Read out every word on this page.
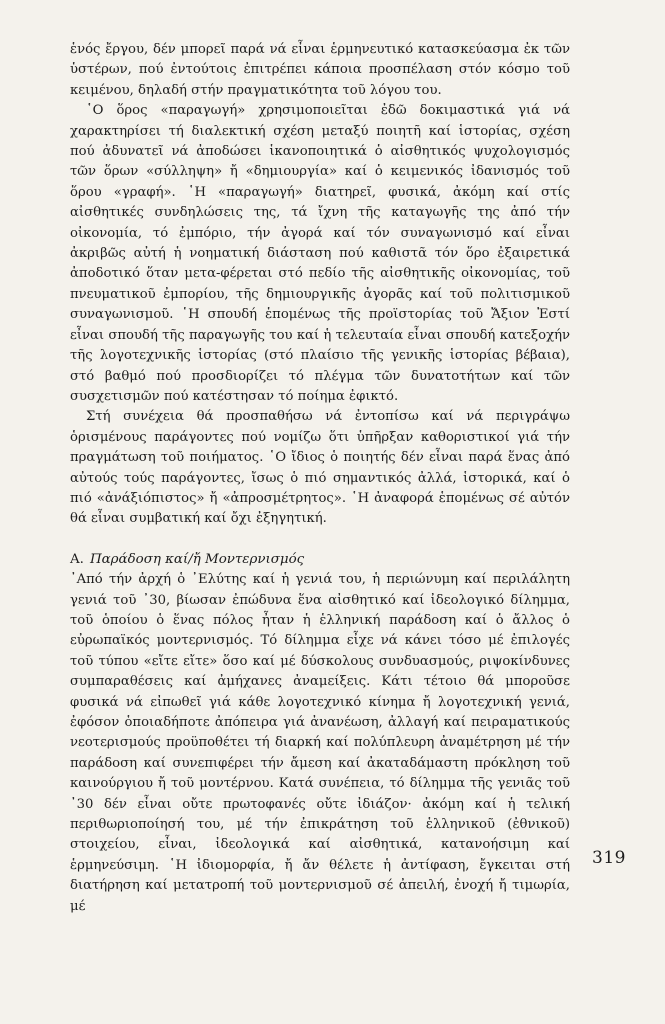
ἑνός ἔργου, δέν μπορεῖ παρά νά εἶναι ἑρμηνευτικό κατασκεύασμα ἐκ τῶν ὑστέρων, πού ἐντούτοις ἐπιτρέπει κάποια προσπέλαση στόν κόσμο τοῦ κειμένου, δηλαδή στήν πραγματικότητα τοῦ λόγου του.

῾Ο ὅρος «παραγωγή» χρησιμοποιεῖται ἐδῶ δοκιμαστικά γιά νά χαρακτηρίσει τή διαλεκτική σχέση μεταξύ ποιητῆ καί ἱστορίας, σχέση πού ἀδυνατεῖ νά ἀποδώσει ἱκανοποιητικά ὁ αἰσθητικός ψυχολογισμός τῶν ὅρων «σύλληψη» ἤ «δημιουργία» καί ὁ κειμενικός ἰδανισμός τοῦ ὅρου «γραφή». ῾Η «παραγωγή» διατηρεῖ, φυσικά, ἀκόμη καί στίς αἰσθητικές συνδηλώσεις της, τά ἴχνη τῆς καταγωγῆς της ἀπό τήν οἰκονομία, τό ἐμπόριο, τήν ἀγορά καί τόν συναγωνισμό καί εἶναι ἀκριβῶς αὐτή ἡ νοηματική διάσταση πού καθιστᾶ τόν ὅρο ἐξαιρετικά ἀποδοτικό ὅταν μετα-φέρεται στό πεδίο τῆς αἰσθητικῆς οἰκονομίας, τοῦ πνευματικοῦ ἐμπορίου, τῆς δημιουργικῆς ἀγορᾶς καί τοῦ πολιτισμικοῦ συναγωνισμοῦ. ῾Η σπουδή ἑπομένως τῆς προϊστορίας τοῦ Ἄξιον Ἐστί εἶναι σπουδή τῆς παραγωγῆς του καί ἡ τελευταία εἶναι σπουδή κατεξοχήν τῆς λογοτεχνικῆς ἱστορίας (στό πλαίσιο τῆς γενικῆς ἱστορίας βέβαια), στό βαθμό πού προσδιορίζει τό πλέγμα τῶν δυνατοτήτων καί τῶν συσχετισμῶν πού κατέστησαν τό ποίημα ἐφικτό.

Στή συνέχεια θά προσπαθήσω νά ἐντοπίσω καί νά περιγράψω ὁρισμένους παράγοντες πού νομίζω ὅτι ὑπῆρξαν καθοριστικοί γιά τήν πραγμάτωση τοῦ ποιήματος. ῾Ο ἴδιος ὁ ποιητής δέν εἶναι παρά ἕνας ἀπό αὐτούς τούς παράγοντες, ἴσως ὁ πιό σημαντικός ἀλλά, ἱστορικά, καί ὁ πιό «ἀνάξιόπιστος» ἤ «ἀπροσμέτρητος». ῾Η ἀναφορά ἑπομένως σέ αὐτόν θά εἶναι συμβατική καί ὄχι ἐξηγητική.

Α. Παράδοση καί/ἤ Μοντερνισμός

᾿Από τήν ἀρχή ὁ ᾿Ελύτης καί ἡ γενιά του, ἡ περιώνυμη καί περιλάλητη γενιά τοῦ ᾿30, βίωσαν ἐπώδυνα ἕνα αἰσθητικό καί ἰδεολογικό δίλημμα, τοῦ ὁποίου ὁ ἕνας πόλος ἦταν ἡ ἑλληνική παράδοση καί ὁ ἄλλος ὁ εὐρωπαϊκός μοντερνισμός. Τό δίλημμα εἶχε νά κάνει τόσο μέ ἐπιλογές τοῦ τύπου «εἴτε εἴτε» ὅσο καί μέ δύσκολους συνδυασμούς, ριψοκίνδυνες συμπαραθέσεις καί ἀμήχανες ἀναμείξεις. Κάτι τέτοιο θά μποροῦσε φυσικά νά εἰπωθεῖ γιά κάθε λογοτεχνικό κίνημα ἤ λογοτεχνική γενιά, ἐφόσον ὁποιαδήποτε ἀπόπειρα γιά ἀνανέωση, ἀλλαγή καί πειραματικούς νεοτερισμούς προϋποθέτει τή διαρκή καί πολύπλευρη ἀναμέτρηση μέ τήν παράδοση καί συνεπιφέρει τήν ἄμεση καί ἀκαταδάμαστη πρόκληση τοῦ καινούργιου ἤ τοῦ μοντέρνου. Κατά συνέπεια, τό δίλημμα τῆς γενιᾶς τοῦ ᾿30 δέν εἶναι οὔτε πρωτοφανές οὔτε ἰδιάζον· ἀκόμη καί ἡ τελική περιθωριοποίησή του, μέ τήν ἐπικράτηση τοῦ ἑλληνικοῦ (ἐθνικοῦ) στοιχείου, εἶναι, ἰδεολογικά καί αἰσθητικά, κατανοήσιμη καί ἑρμηνεύσιμη. ῾Η ἰδιομορφία, ἤ ἄν θέλετε ἡ ἀντίφαση, ἔγκειται στή διατήρηση καί μετατροπή τοῦ μοντερνισμοῦ σέ ἀπειλή, ἐνοχή ἤ τιμωρία, μέ

319
